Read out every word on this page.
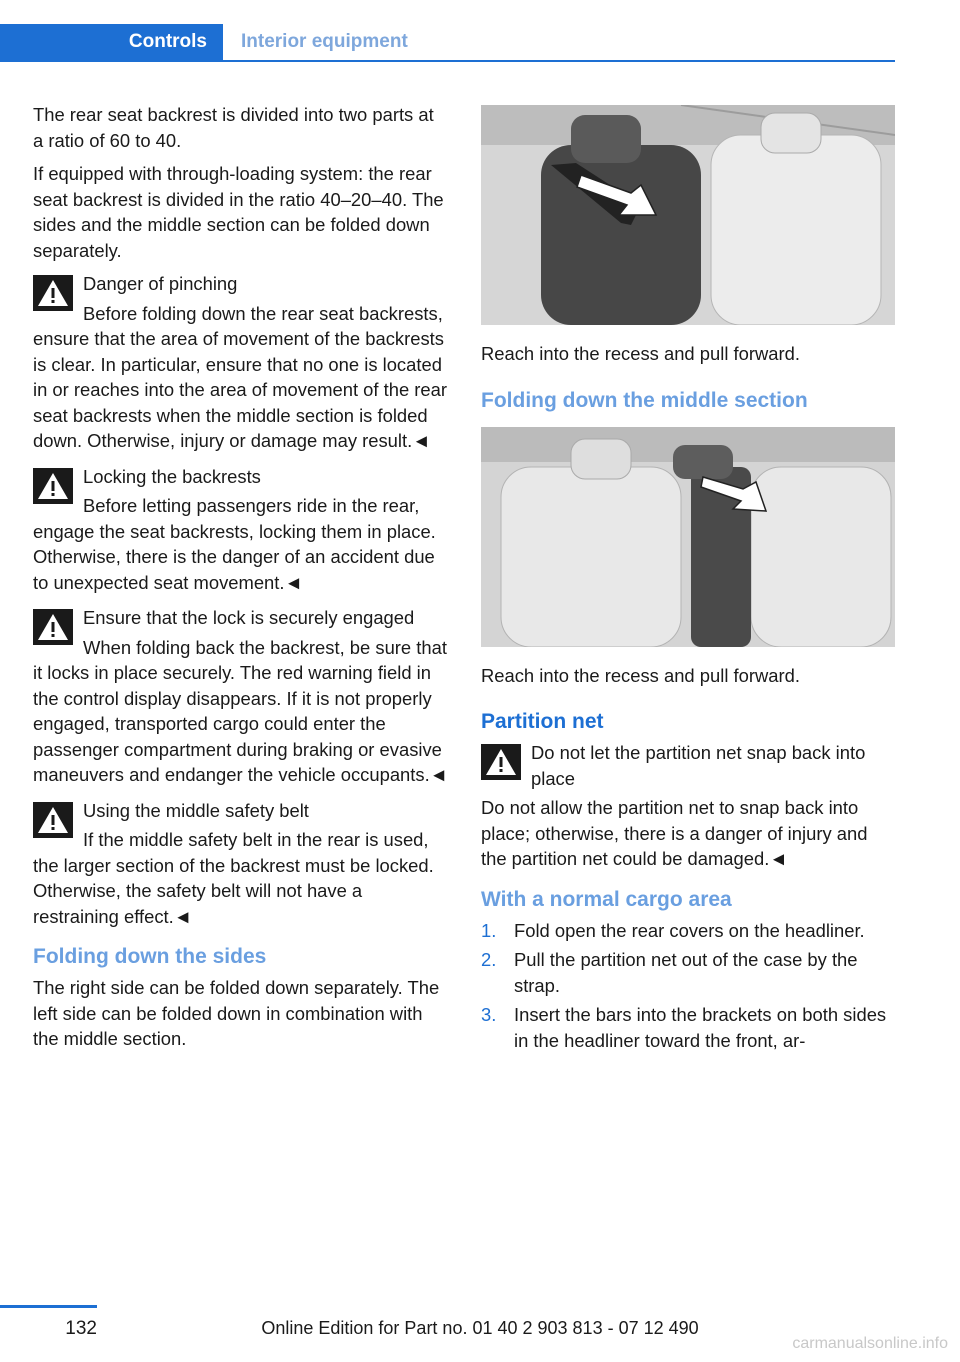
Controls	Interior equipment

The rear seat backrest is divided into two parts at a ratio of 60 to 40.

If equipped with through-loading system: the rear seat backrest is divided in the ratio 40–20–40. The sides and the middle section can be folded down separately.

Danger of pinching

Before folding down the rear seat backrests, ensure that the area of movement of the backrests is clear. In particular, ensure that no one is located in or reaches into the area of movement of the rear seat backrests when the middle section is folded down. Otherwise, injury or damage may result.◄

Locking the backrests

Before letting passengers ride in the rear, engage the seat backrests, locking them in place. Otherwise, there is the danger of an accident due to unexpected seat movement.◄

Ensure that the lock is securely engaged

When folding back the backrest, be sure that it locks in place securely. The red warning field in the control display disappears. If it is not properly engaged, transported cargo could enter the passenger compartment during braking or evasive maneuvers and endanger the vehicle occupants.◄

Using the middle safety belt

If the middle safety belt in the rear is used, the larger section of the backrest must be locked. Otherwise, the safety belt will not have a restraining effect.◄

Folding down the sides

The right side can be folded down separately. The left side can be folded down in combination with the middle section.

Reach into the recess and pull forward.

Folding down the middle section

Reach into the recess and pull forward.

Partition net
Do not let the partition net snap back into place

Do not allow the partition net to snap back into place; otherwise, there is a danger of injury and the partition net could be damaged.◄

With a normal cargo area
1. Fold open the rear covers on the headliner.
2. Pull the partition net out of the case by the strap.
3. Insert the bars into the brackets on both sides in the headliner toward the front, ar-
132	Online Edition for Part no. 01 40 2 903 813 - 07 12 490
carmanualsonline.info
